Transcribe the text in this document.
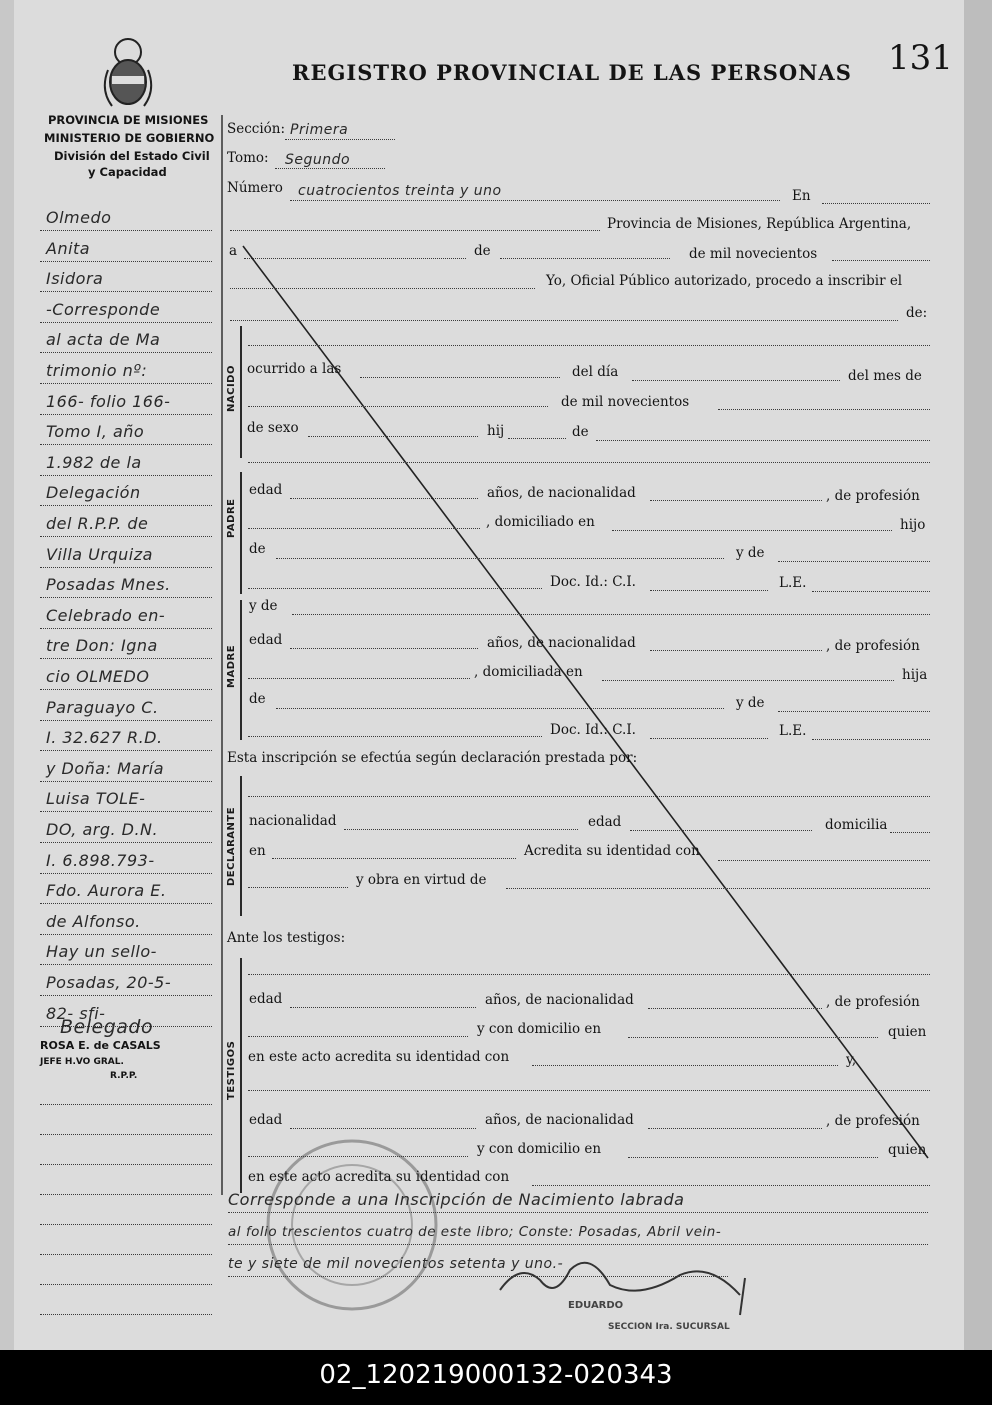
REGISTRO PROVINCIAL DE LAS PERSONAS 131
PROVINCIA DE MISIONES
MINISTERIO DE GOBIERNO
División del Estado Civil
y Capacidad
Sección: Primera
Tomo: Segundo
Número cuatrocientos treinta y uno	En
Provincia de Misiones, República Argentina,
a	de	de mil novecientos
Yo, Oficial Público autorizado, procedo a inscribir el
de:
NACIDO ocurrido a las	del día	del mes de
de mil novecientos
de sexo	hij	de
PADRE
edad	años, de nacionalidad	, de profesión
, domiciliado en	hijo
de	y de
Doc. Id.: C.I.	L.E.
MADRE
y de
edad	años, de nacionalidad	, de profesión
, domiciliada en	hija
de	y de
Doc. Id.: C.I.	L.E.
Esta inscripción se efectúa según declaración prestada por:
DECLARANTE nacionalidad	edad	domicilia
en	Acredita su identidad con
y obra en virtud de
Ante los testigos:
TESTIGOS
edad	años, de nacionalidad	, de profesión
y con domicilio en	quien
en este acto acredita su identidad con	y,
edad	años, de nacionalidad	, de profesión
y con domicilio en	quien
en este acto acredita su identidad con
Corresponde a una Inscripción de Nacimiento labrada
al folio trescientos cuatro de este libro; Conste: Posadas, Abril vein-
te y siete de mil novecientos setenta y uno.-
EDUARDO
SECCION Ira. SUCURSAL
Olmedo
Anita
Isidora
-Corresponde
al acta de Ma
trimonio nº:
166- folio 166-
Tomo I, año
1.982 de la
Delegación
del R.P.P. de
Villa Urquiza
Posadas Mnes.
Celebrado en-
tre Don: Igna
cio OLMEDO
Paraguayo C.
I. 32.627 R.D.
y Doña: María
Luisa TOLE-
DO, arg. D.N.
I. 6.898.793-
Fdo. Aurora E.
de Alfonso.
Hay un sello-
Posadas, 20-5-
82- sfi-
Belegado
ROSA E. de CASALS
JEFE H.VO GRAL.
R.P.P.
02_120219000132-020343
